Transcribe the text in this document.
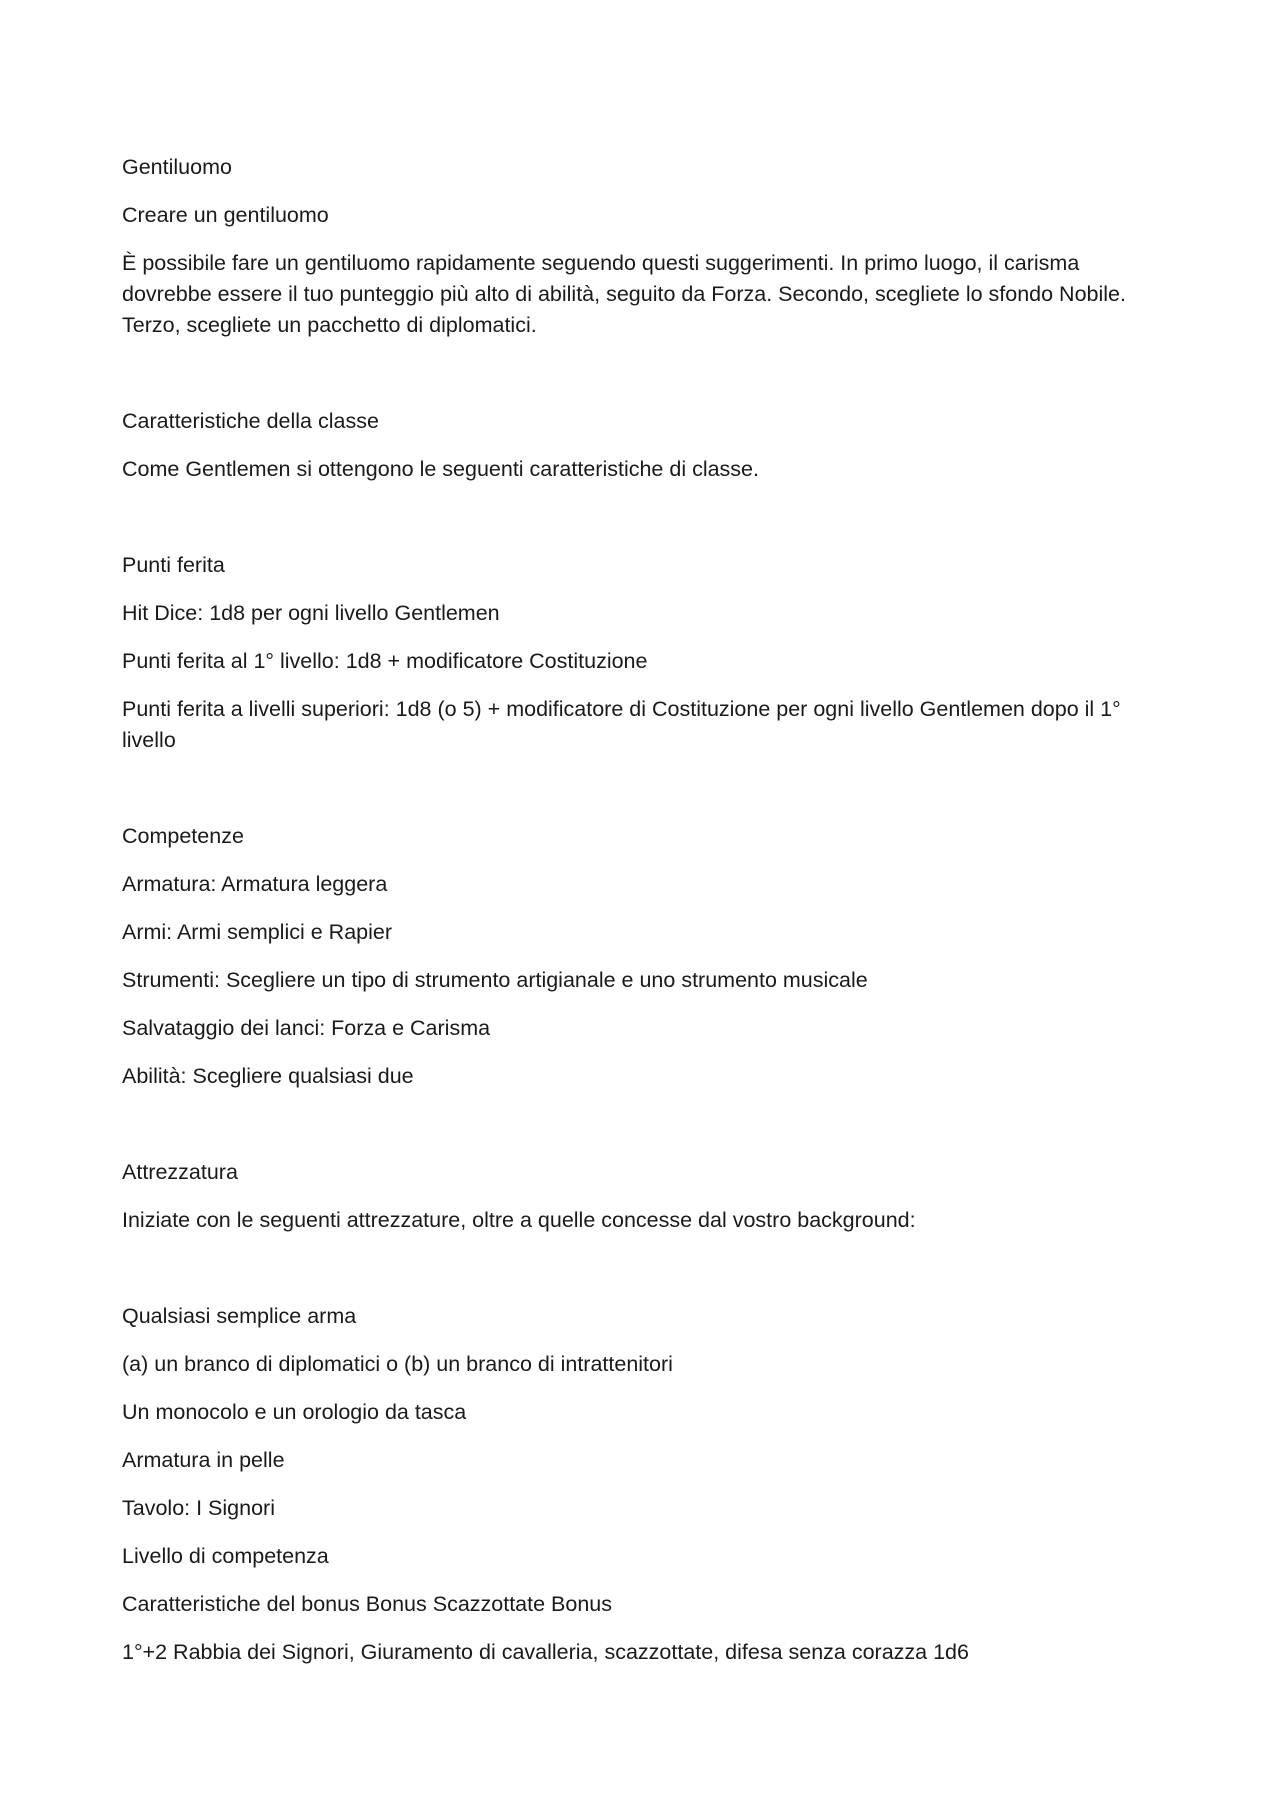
Gentiluomo

Creare un gentiluomo

È possibile fare un gentiluomo rapidamente seguendo questi suggerimenti. In primo luogo, il carisma dovrebbe essere il tuo punteggio più alto di abilità, seguito da Forza. Secondo, scegliete lo sfondo Nobile. Terzo, scegliete un pacchetto di diplomatici.

Caratteristiche della classe

Come Gentlemen si ottengono le seguenti caratteristiche di classe.

Punti ferita

Hit Dice: 1d8 per ogni livello Gentlemen

Punti ferita al 1° livello: 1d8 + modificatore Costituzione

Punti ferita a livelli superiori: 1d8 (o 5) + modificatore di Costituzione per ogni livello Gentlemen dopo il 1° livello

Competenze

Armatura: Armatura leggera

Armi: Armi semplici e Rapier

Strumenti: Scegliere un tipo di strumento artigianale e uno strumento musicale

Salvataggio dei lanci: Forza e Carisma

Abilità: Scegliere qualsiasi due

Attrezzatura

Iniziate con le seguenti attrezzature, oltre a quelle concesse dal vostro background:

Qualsiasi semplice arma

(a) un branco di diplomatici o (b) un branco di intrattenitori

Un monocolo e un orologio da tasca

Armatura in pelle

Tavolo: I Signori

Livello di competenza

Caratteristiche del bonus Bonus Scazzottate Bonus

1°+2 Rabbia dei Signori, Giuramento di cavalleria, scazzottate, difesa senza corazza 1d6
